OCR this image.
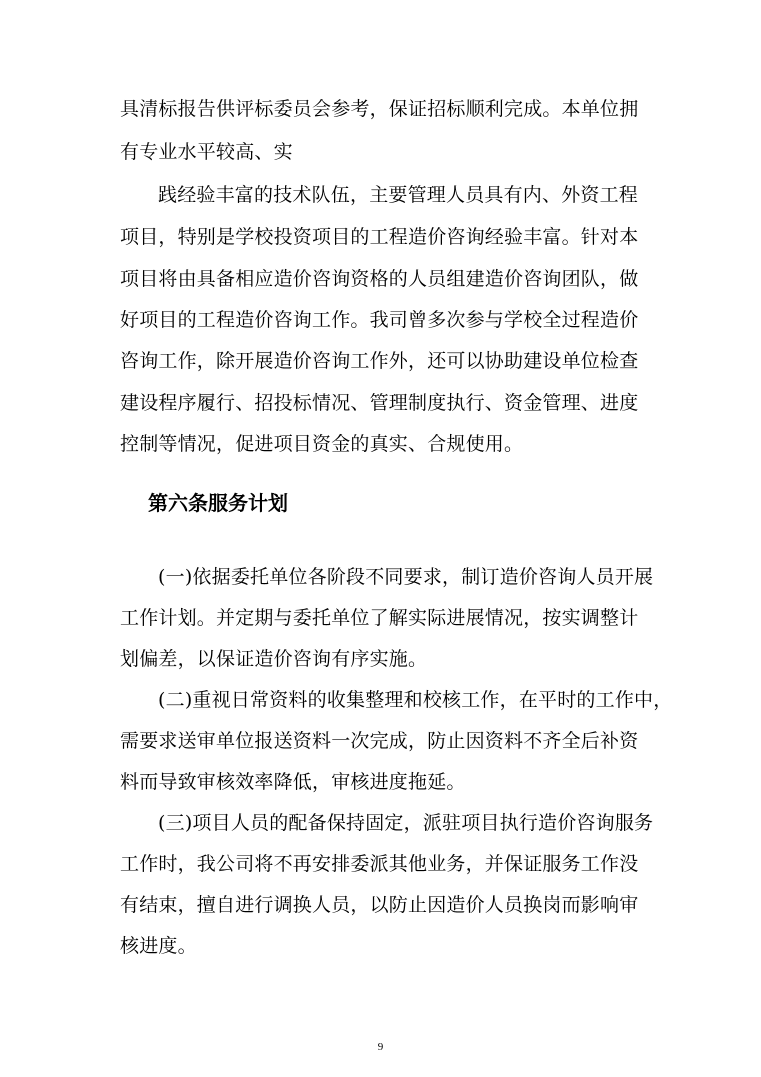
具清标报告供评标委员会参考，保证招标顺利完成。本单位拥
有专业水平较高、实
践经验丰富的技术队伍，主要管理人员具有内、外资工程
项目，特别是学校投资项目的工程造价咨询经验丰富。针对本
项目将由具备相应造价咨询资格的人员组建造价咨询团队，做
好项目的工程造价咨询工作。我司曾多次参与学校全过程造价
咨询工作，除开展造价咨询工作外，还可以协助建设单位检查
建设程序履行、招投标情况、管理制度执行、资金管理、进度
控制等情况，促进项目资金的真实、合规使用。
第六条服务计划
(一)依据委托单位各阶段不同要求，制订造价咨询人员开展
工作计划。并定期与委托单位了解实际进展情况，按实调整计
划偏差，以保证造价咨询有序实施。
(二)重视日常资料的收集整理和校核工作，在平时的工作中，
需要求送审单位报送资料一次完成，防止因资料不齐全后补资
料而导致审核效率降低，审核进度拖延。
(三)项目人员的配备保持固定，派驻项目执行造价咨询服务
工作时，我公司将不再安排委派其他业务，并保证服务工作没
有结束，擅自进行调换人员，以防止因造价人员换岗而影响审
核进度。
9
